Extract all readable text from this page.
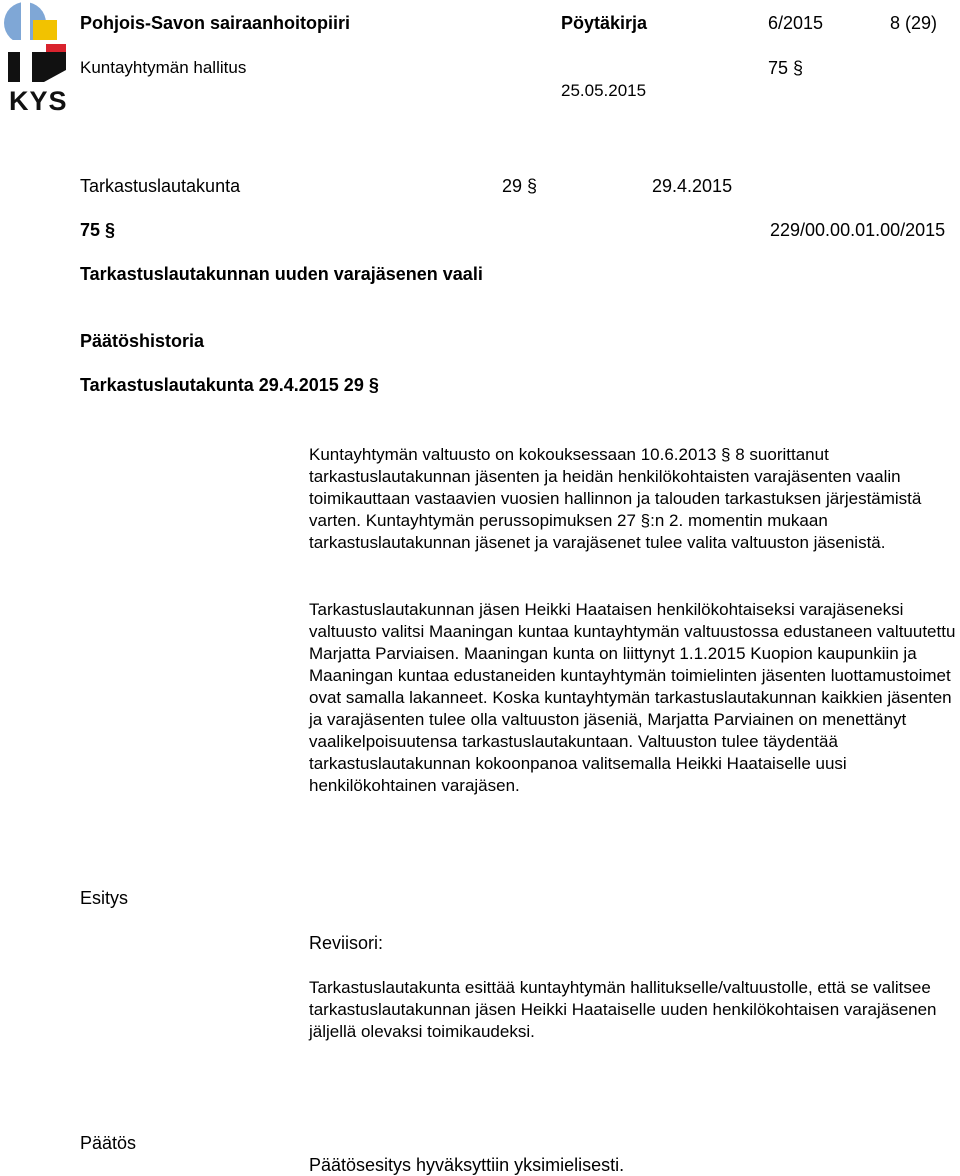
KYS
Pohjois-Savon sairaanhoitopiiri	Pöytäkirja	6/2015	8 (29)
Kuntayhtymän hallitus	75 §
25.05.2015
Tarkastuslautakunta	29 §	29.4.2015
75 §	229/00.00.01.00/2015
Tarkastuslautakunnan uuden varajäsenen vaali
Päätöshistoria
Tarkastuslautakunta 29.4.2015 29 §

Kuntayhtymän valtuusto on kokouksessaan 10.6.2013 § 8 suorittanut tarkastuslautakunnan jäsenten ja heidän henkilökohtaisten varajäsenten vaalin toimikauttaan vastaavien vuosien hallinnon ja talouden tarkastuksen järjestämistä varten. Kuntayhtymän perussopimuksen 27 §:n 2. momentin mukaan tarkastuslautakunnan jäsenet ja varajäsenet tulee valita valtuuston jäsenistä.

Tarkastuslautakunnan jäsen Heikki Haataisen henkilökohtaiseksi varajäseneksi valtuusto valitsi Maaningan kuntaa kuntayhtymän valtuustossa edustaneen valtuutettu Marjatta Parviaisen. Maaningan kunta on liittynyt 1.1.2015 Kuopion kaupunkiin ja Maaningan kuntaa edustaneiden kuntayhtymän toimielinten jäsenten luottamustoimet ovat samalla lakanneet. Koska kuntayhtymän tarkastuslautakunnan kaikkien jäsenten ja varajäsenten tulee olla valtuuston jäseniä, Marjatta Parviainen on menettänyt vaalikelpoisuutensa tarkastuslautakuntaan. Valtuuston tulee täydentää tarkastuslautakunnan kokoonpanoa valitsemalla Heikki Haataiselle uusi henkilökohtainen varajäsen.

Esitys
Reviisori:

Tarkastuslautakunta esittää kuntayhtymän hallitukselle/valtuustolle, että se valitsee tarkastuslautakunnan jäsen Heikki Haataiselle uuden henkilökohtaisen varajäsenen jäljellä olevaksi toimikaudeksi.

Päätös
Päätösesitys hyväksyttiin yksimielisesti.
